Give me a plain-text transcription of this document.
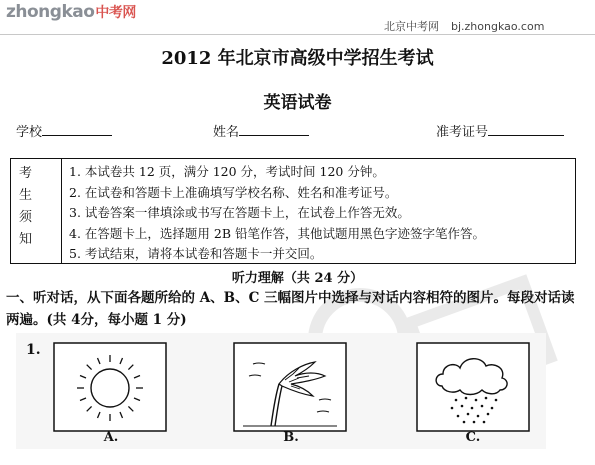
zhongkao中考网
北京中考网 bj.zhongkao.com
2012 年北京市高级中学招生考试
英语试卷
学校	姓名	准考证号
考
生
须
知
1. 本试卷共 12 页，满分 120 分，考试时间 120 分钟。
2. 在试卷和答题卡上准确填写学校名称、姓名和准考证号。
3. 试卷答案一律填涂或书写在答题卡上，在试卷上作答无效。
4. 在答题卡上，选择题用 2B 铅笔作答，其他试题用黑色字迹签字笔作答。
5. 考试结束，请将本试卷和答题卡一并交回。
听力理解（共 24 分）
一、听对话，从下面各题所给的 A、B、C 三幅图片中选择与对话内容相符的图片。每段对话读两遍。(共 4分，每小题 1 分)
1.
A.	B.	C.
